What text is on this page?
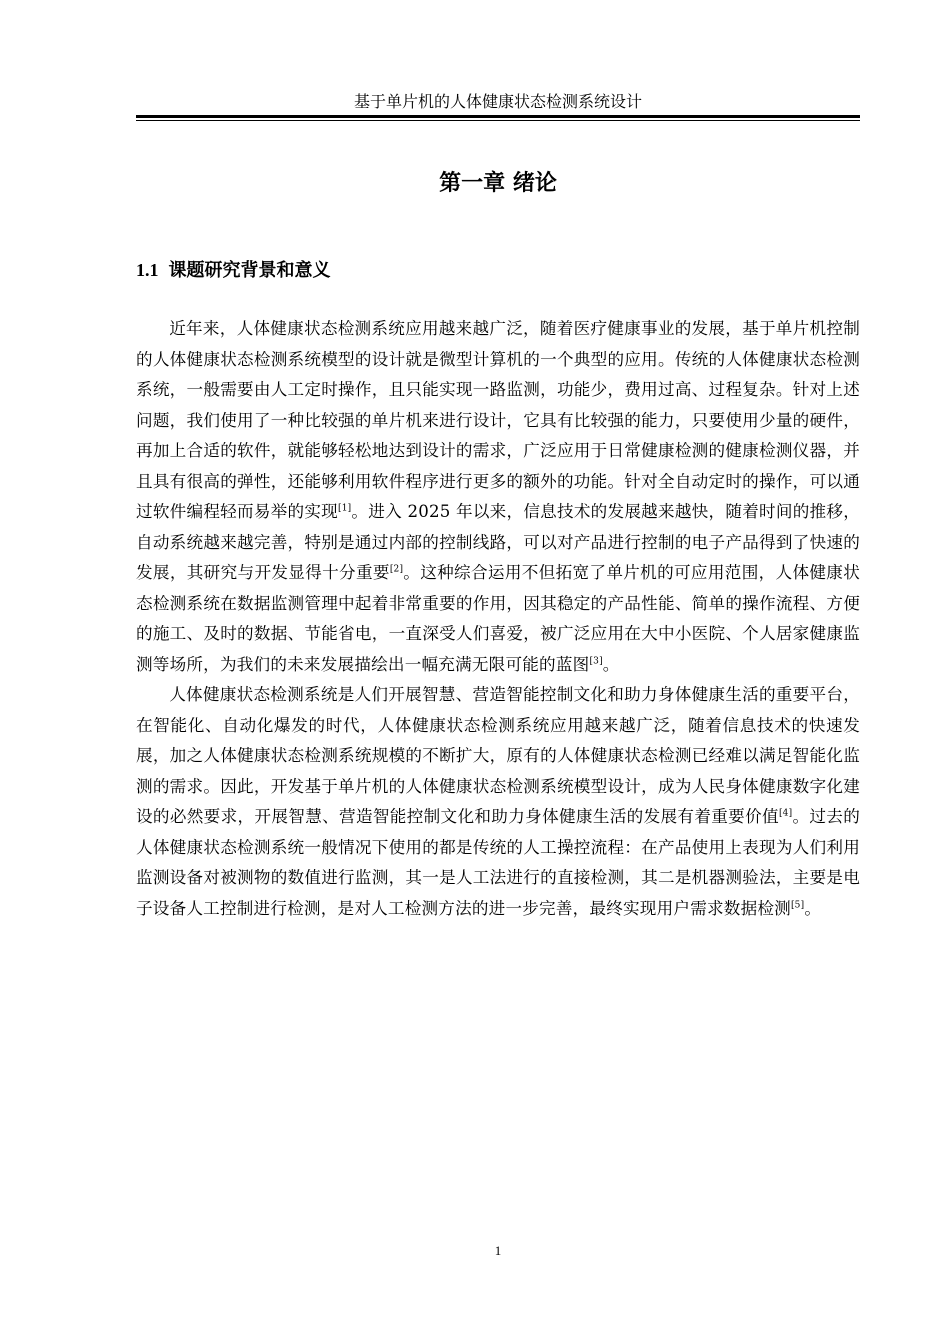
基于单片机的人体健康状态检测系统设计
第一章 绪论
1.1 课题研究背景和意义

近年来，人体健康状态检测系统应用越来越广泛，随着医疗健康事业的发展，基于单片机控制的人体健康状态检测系统模型的设计就是微型计算机的一个典型的应用。传统的人体健康状态检测系统，一般需要由人工定时操作，且只能实现一路监测，功能少，费用过高、过程复杂。针对上述问题，我们使用了一种比较强的单片机来进行设计，它具有比较强的能力，只要使用少量的硬件，再加上合适的软件，就能够轻松地达到设计的需求，广泛应用于日常健康检测的健康检测仪器，并且具有很高的弹性，还能够利用软件程序进行更多的额外的功能。针对全自动定时的操作，可以通过软件编程轻而易举的实现[1]。进入 2025 年以来，信息技术的发展越来越快，随着时间的推移，自动系统越来越完善，特别是通过内部的控制线路，可以对产品进行控制的电子产品得到了快速的发展，其研究与开发显得十分重要[2]。这种综合运用不但拓宽了单片机的可应用范围，人体健康状态检测系统在数据监测管理中起着非常重要的作用，因其稳定的产品性能、简单的操作流程、方便的施工、及时的数据、节能省电，一直深受人们喜爱，被广泛应用在大中小医院、个人居家健康监测等场所，为我们的未来发展描绘出一幅充满无限可能的蓝图[3]。

人体健康状态检测系统是人们开展智慧、营造智能控制文化和助力身体健康生活的重要平台，在智能化、自动化爆发的时代，人体健康状态检测系统应用越来越广泛，随着信息技术的快速发展，加之人体健康状态检测系统规模的不断扩大，原有的人体健康状态检测已经难以满足智能化监测的需求。因此，开发基于单片机的人体健康状态检测系统模型设计，成为人民身体健康数字化建设的必然要求，开展智慧、营造智能控制文化和助力身体健康生活的发展有着重要价值[4]。过去的人体健康状态检测系统一般情况下使用的都是传统的人工操控流程：在产品使用上表现为人们利用监测设备对被测物的数值进行监测，其一是人工法进行的直接检测，其二是机器测验法，主要是电子设备人工控制进行检测，是对人工检测方法的进一步完善，最终实现用户需求数据检测[5]。

1
